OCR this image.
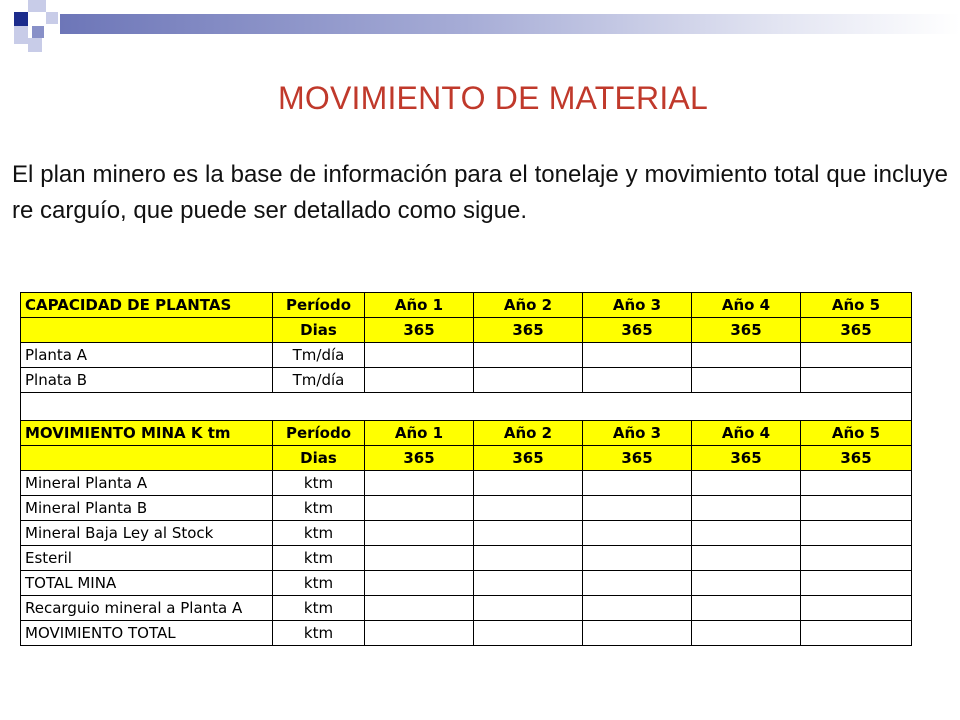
MOVIMIENTO DE MATERIAL
El plan minero es la base de información para el tonelaje y movimiento total que incluye re carguío, que puede ser detallado como sigue.
CAPACIDAD DE PLANTAS	Período	Año 1	Año 2	Año 3	Año 4	Año 5
	Dias	365	365	365	365	365
Planta A	Tm/día					
Plnata B	Tm/día					

MOVIMIENTO MINA K tm	Período	Año 1	Año 2	Año 3	Año 4	Año 5
	Dias	365	365	365	365	365
Mineral Planta A	ktm					
Mineral Planta B	ktm					
Mineral Baja Ley al Stock	ktm					
Esteril	ktm					
TOTAL MINA	ktm					
Recarguio mineral a Planta A	ktm					
MOVIMIENTO TOTAL	ktm					
